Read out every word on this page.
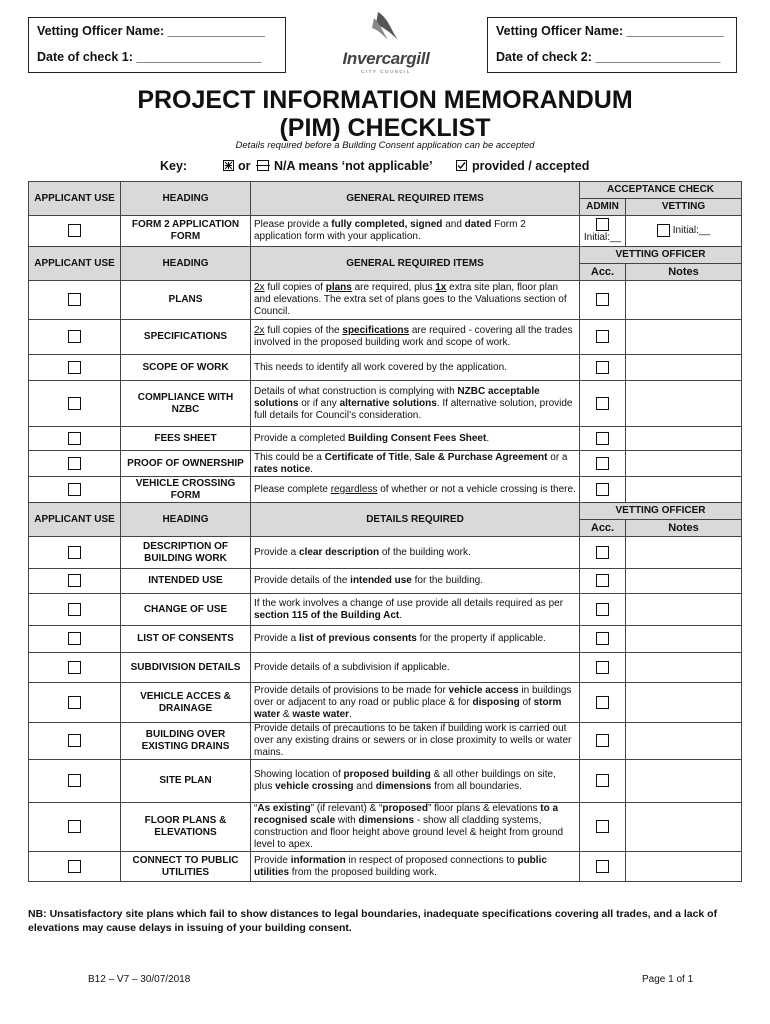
Vetting Officer Name: ______________
Date of check 1: __________________	Invercargill
CITY COUNCIL
Vetting Officer Name: ______________
Date of check 2: __________________
PROJECT INFORMATION MEMORANDUM
(PIM) CHECKLIST
Details required before a Building Consent application can be accepted
Key:	or N/A means ‘not applicable’	provided / accepted
APPLICANT USE	HEADING	GENERAL REQUIRED ITEMS	ACCEPTANCE CHECK	
			ADMIN	VETTING
	FORM 2 APPLICATION FORM	Please provide a fully completed, signed and dated Form 2 application form with your application.	Initial:__	Initial:__
APPLICANT USE	HEADING	GENERAL REQUIRED ITEMS	VETTING OFFICER	
			Acc.	Notes
	PLANS	2x full copies of plans are required, plus 1x extra site plan, floor plan and elevations. The extra set of plans goes to the Valuations section of Council.		
	SPECIFICATIONS	2x full copies of the specifications are required - covering all the trades involved in the proposed building work and scope of work.		
	SCOPE OF WORK	This needs to identify all work covered by the application.		
	COMPLIANCE WITH NZBC	Details of what construction is complying with NZBC acceptable solutions or if any alternative solutions. If alternative solution, provide full details for Council’s consideration.		
	FEES SHEET	Provide a completed Building Consent Fees Sheet.		
	PROOF OF OWNERSHIP	This could be a Certificate of Title, Sale & Purchase Agreement or a rates notice.		
	VEHICLE CROSSING FORM	Please complete regardless of whether or not a vehicle crossing is there.		
APPLICANT USE	HEADING	DETAILS REQUIRED	VETTING OFFICER	
			Acc.	Notes
	DESCRIPTION OF BUILDING WORK	Provide a clear description of the building work.		
	INTENDED USE	Provide details of the intended use for the building.		
	CHANGE OF USE	If the work involves a change of use provide all details required as per section 115 of the Building Act.		
	LIST OF CONSENTS	Provide a list of previous consents for the property if applicable.		
	SUBDIVISION DETAILS	Provide details of a subdivision if applicable.		
	VEHICLE ACCES & DRAINAGE	Provide details of provisions to be made for vehicle access in buildings over or adjacent to any road or public place & for disposing of storm water & waste water.		
	BUILDING OVER EXISTING DRAINS	Provide details of precautions to be taken if building work is carried out over any existing drains or sewers or in close proximity to wells or water mains.		
	SITE PLAN	Showing location of proposed building & all other buildings on site, plus vehicle crossing and dimensions from all boundaries.		
	FLOOR PLANS & ELEVATIONS	“As existing” (if relevant) & “proposed” floor plans & elevations to a recognised scale with dimensions - show all cladding systems, construction and floor height above ground level & height from ground level to apex.		
	CONNECT TO PUBLIC UTILITIES	Provide information in respect of proposed connections to public utilities from the proposed building work.		
NB: Unsatisfactory site plans which fail to show distances to legal boundaries, inadequate specifications covering all trades, and a lack of elevations may cause delays in issuing of your building consent.
B12 – V7 – 30/07/2018	Page 1 of 1
